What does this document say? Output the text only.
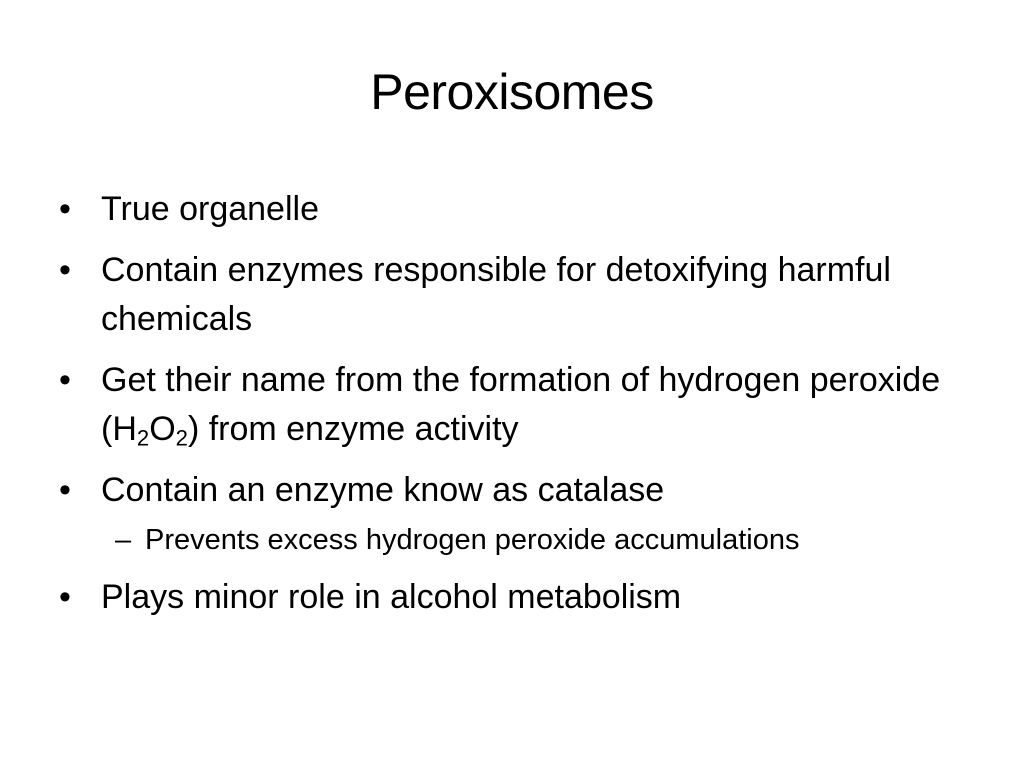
Peroxisomes
• True organelle
• Contain enzymes responsible for detoxifying harmful chemicals
• Get their name from the formation of hydrogen peroxide $(H_2O_2)$ from enzyme activity
• Contain an enzyme know as catalase
– Prevents excess hydrogen peroxide accumulations
• Plays minor role in alcohol metabolism
